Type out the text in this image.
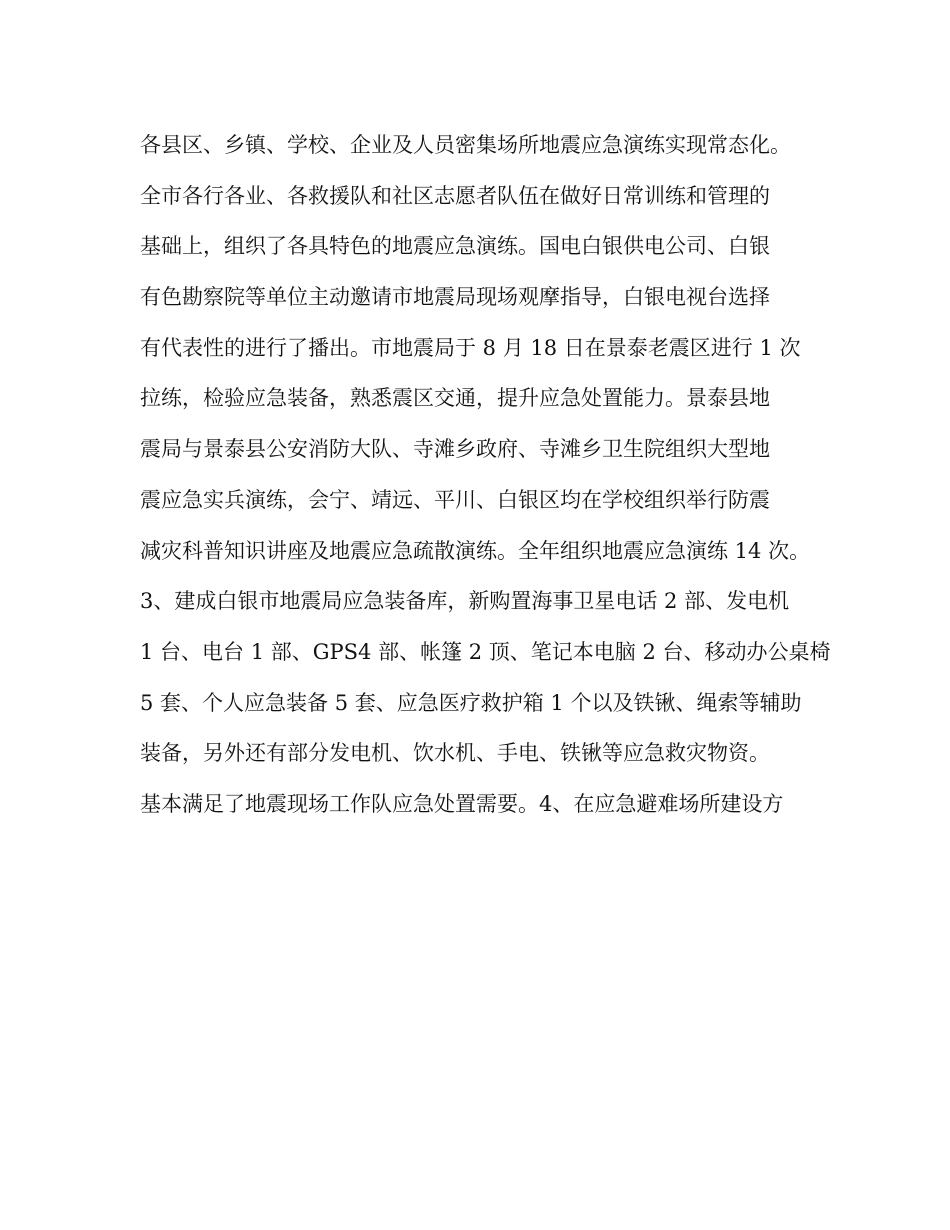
各县区、乡镇、学校、企业及人员密集场所地震应急演练实现常态化。
全市各行各业、各救援队和社区志愿者队伍在做好日常训练和管理的
基础上，组织了各具特色的地震应急演练。国电白银供电公司、白银
有色勘察院等单位主动邀请市地震局现场观摩指导，白银电视台选择
有代表性的进行了播出。市地震局于 8 月 18 日在景泰老震区进行 1 次
拉练，检验应急装备，熟悉震区交通，提升应急处置能力。景泰县地
震局与景泰县公安消防大队、寺滩乡政府、寺滩乡卫生院组织大型地
震应急实兵演练，会宁、靖远、平川、白银区均在学校组织举行防震
减灾科普知识讲座及地震应急疏散演练。全年组织地震应急演练 14 次。
3、建成白银市地震局应急装备库，新购置海事卫星电话 2 部、发电机
1 台、电台 1 部、GPS4 部、帐篷 2 顶、笔记本电脑 2 台、移动办公桌椅
5 套、个人应急装备 5 套、应急医疗救护箱 1 个以及铁锹、绳索等辅助
装备，另外还有部分发电机、饮水机、手电、铁锹等应急救灾物资。
基本满足了地震现场工作队应急处置需要。4、在应急避难场所建设方
